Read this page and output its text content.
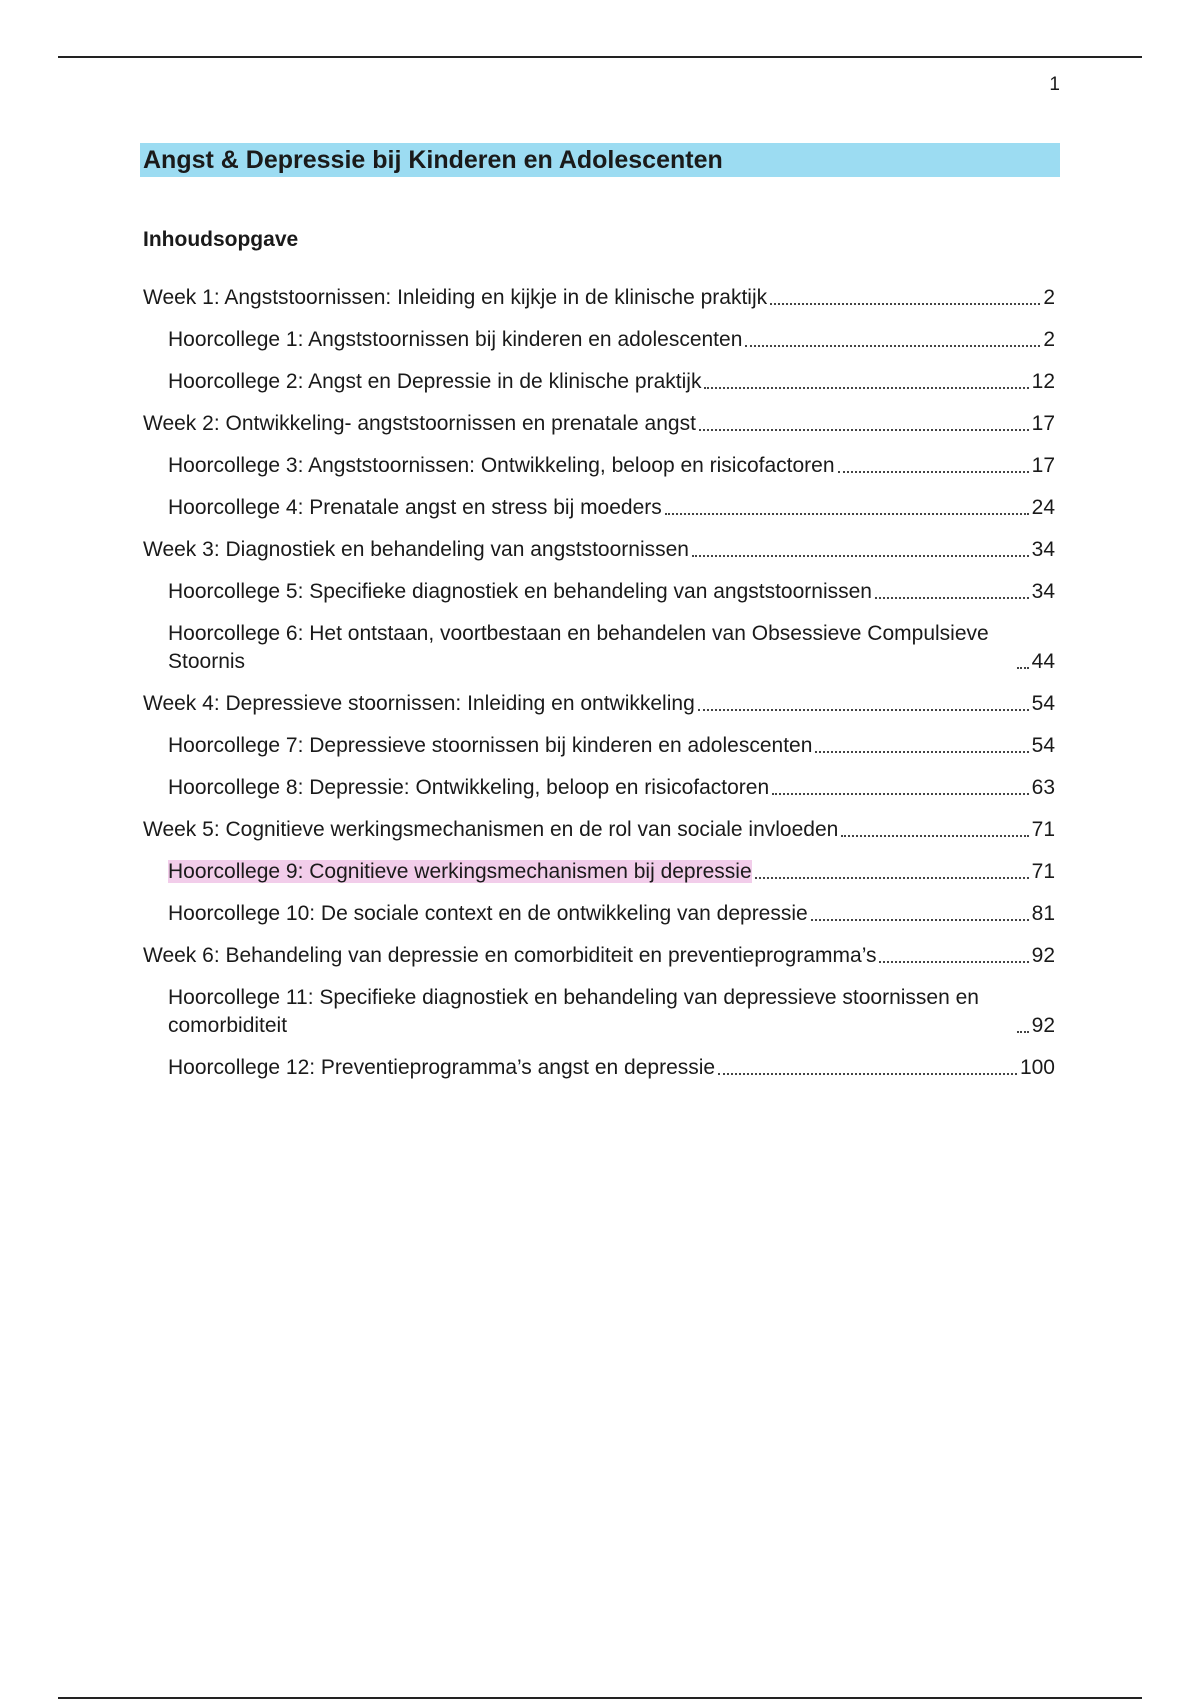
1
Angst & Depressie bij Kinderen en Adolescenten
Inhoudsopgave
Week 1: Angststoornissen: Inleiding en kijkje in de klinische praktijk	2
Hoorcollege 1: Angststoornissen bij kinderen en adolescenten	2
Hoorcollege 2: Angst en Depressie in de klinische praktijk	12
Week 2: Ontwikkeling- angststoornissen en prenatale angst	17
Hoorcollege 3: Angststoornissen: Ontwikkeling, beloop en risicofactoren	17
Hoorcollege 4: Prenatale angst en stress bij moeders	24
Week 3: Diagnostiek en behandeling van angststoornissen	34
Hoorcollege 5: Specifieke diagnostiek en behandeling van angststoornissen	34
Hoorcollege 6: Het ontstaan, voortbestaan en behandelen van Obsessieve Compulsieve Stoornis	44
Week 4: Depressieve stoornissen: Inleiding en ontwikkeling	54
Hoorcollege 7: Depressieve stoornissen bij kinderen en adolescenten	54
Hoorcollege 8: Depressie: Ontwikkeling, beloop en risicofactoren	63
Week 5: Cognitieve werkingsmechanismen en de rol van sociale invloeden	71
Hoorcollege 9: Cognitieve werkingsmechanismen bij depressie	71
Hoorcollege 10: De sociale context en de ontwikkeling van depressie	81
Week 6: Behandeling van depressie en comorbiditeit en preventieprogramma’s	92
Hoorcollege 11: Specifieke diagnostiek en behandeling van depressieve stoornissen en comorbiditeit	92
Hoorcollege 12: Preventieprogramma’s angst en depressie	100
